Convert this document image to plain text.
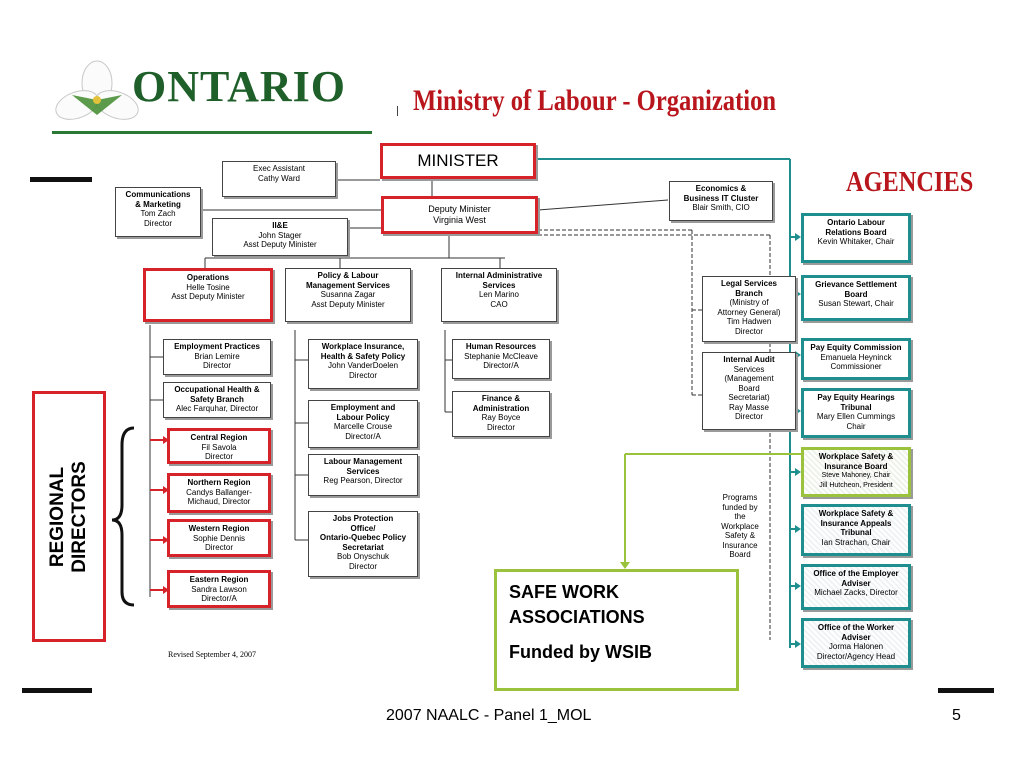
ONTARIO Ministry of Labour - Organization
AGENCIES
MINISTER
Exec Assistant
Cathy Ward
Communications
& Marketing
Tom Zach
Director
Deputy Minister
Virginia West
II&E
John Stager
Asst Deputy Minister
Economics &
Business IT Cluster
Blair Smith, CIO
Operations
Helle Tosine
Asst Deputy Minister
Policy & Labour
Management Services
Susanna Zagar
Asst Deputy Minister
Internal Administrative
Services
Len Marino
CAO
Legal Services
Branch
(Ministry of
Attorney General)
Tim Hadwen
Director
Internal Audit
Services
(Management
Board
Secretariat)
Ray Masse
Director
Employment Practices
Brian Lemire
Director
Occupational Health &
Safety Branch
Alec Farquhar, Director
Central Region
Fil Savola
Director
Northern Region
Candys Ballanger-
Michaud, Director
Western Region
Sophie Dennis
Director
Eastern Region
Sandra Lawson
Director/A
Workplace Insurance,
Health & Safety Policy
John VanderDoelen
Director
Employment and
Labour Policy
Marcelle Crouse
Director/A
Labour Management
Services
Reg Pearson, Director
Jobs Protection
Office/
Ontario-Quebec Policy
Secretariat
Bob Onyschuk
Director
Human Resources
Stephanie McCleave
Director/A
Finance &
Administration
Ray Boyce
Director
Ontario Labour
Relations Board
Kevin Whitaker, Chair
Grievance Settlement
Board
Susan Stewart, Chair
Pay Equity Commission
Emanuela Heyninck
Commissioner
Pay Equity Hearings
Tribunal
Mary Ellen Cummings
Chair
Workplace Safety &
Insurance Board
Steve Mahoney, Chair
Jill Hutcheon, President
Workplace Safety &
Insurance Appeals
Tribunal
Ian Strachan, Chair
Office of the Employer
Adviser
Michael Zacks, Director
Office of the Worker
Adviser
Jorma Halonen
Director/Agency Head
Programs
funded by
the
Workplace
Safety &
Insurance
Board
REGIONAL DIRECTORS
SAFE WORK
ASSOCIATIONS
Funded by WSIB
Revised September 4, 2007
2007 NAALC - Panel 1_MOL	5
